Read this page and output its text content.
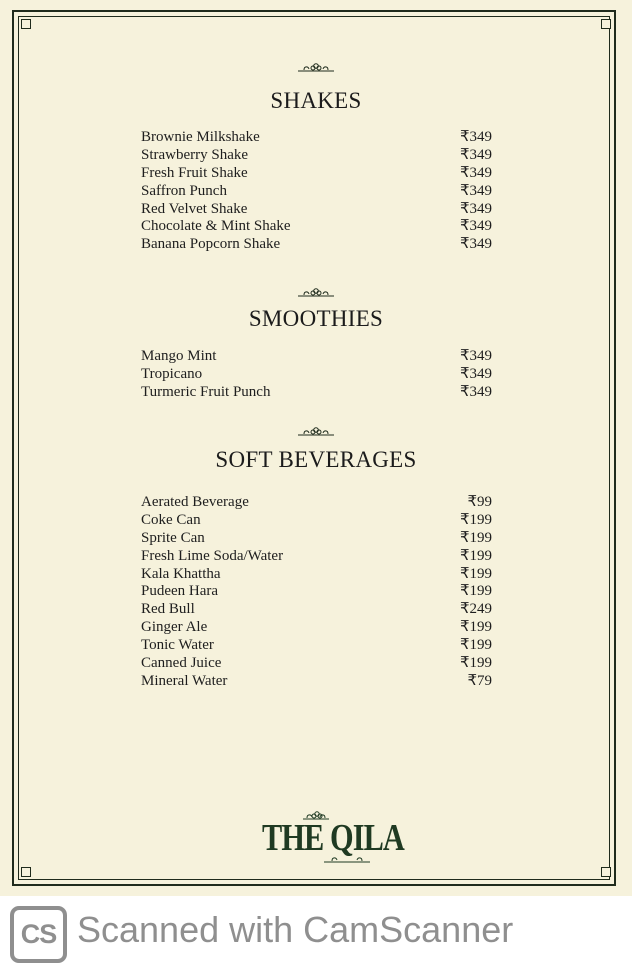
SHAKES
Brownie Milkshake	₹349
Strawberry Shake	₹349
Fresh Fruit Shake	₹349
Saffron Punch	₹349
Red Velvet Shake	₹349
Chocolate & Mint Shake	₹349
Banana Popcorn Shake	₹349
SMOOTHIES
Mango Mint	₹349
Tropicano	₹349
Turmeric Fruit Punch	₹349
SOFT BEVERAGES
Aerated Beverage	₹99
Coke Can	₹199
Sprite Can	₹199
Fresh Lime Soda/Water	₹199
Kala Khattha	₹199
Pudeen Hara	₹199
Red Bull	₹249
Ginger Ale	₹199
Tonic Water	₹199
Canned Juice	₹199
Mineral Water	₹79
THE QILA
CS Scanned with CamScanner
